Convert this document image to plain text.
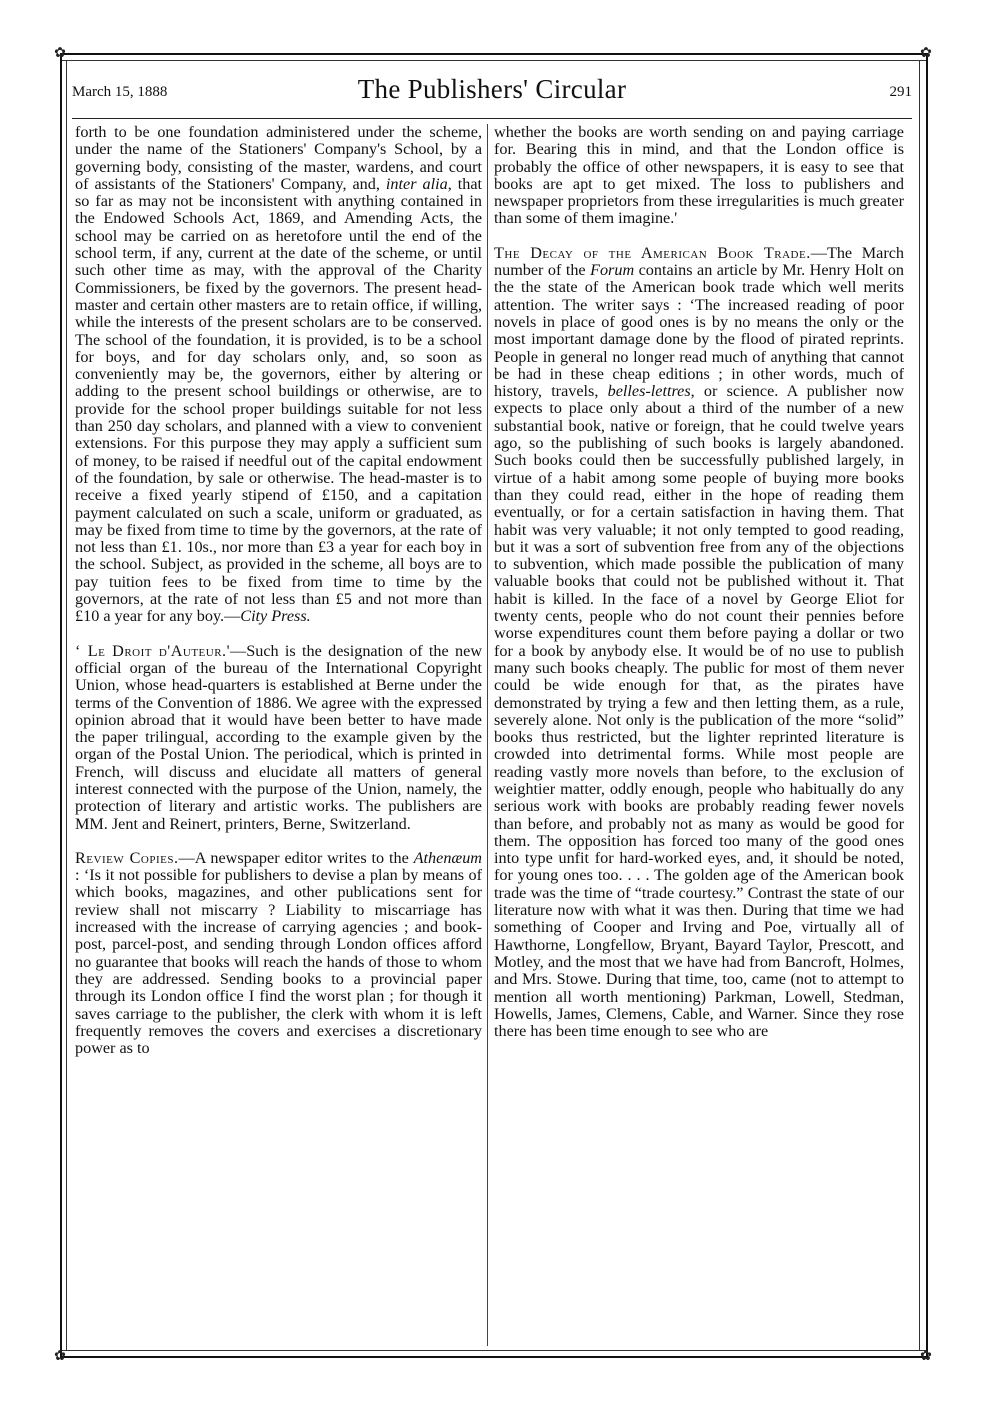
✿	✿
✿	✿
March 15, 1888	The Publishers' Circular	291

forth to be one foundation administered under the scheme, under the name of the Stationers' Company's School, by a governing body, consisting of the master, wardens, and court of assistants of the Stationers' Company, and, inter alia, that so far as may not be inconsistent with anything contained in the Endowed Schools Act, 1869, and Amending Acts, the school may be carried on as heretofore until the end of the school term, if any, current at the date of the scheme, or until such other time as may, with the approval of the Charity Commissioners, be fixed by the governors. The present head-master and certain other masters are to retain office, if willing, while the interests of the present scholars are to be conserved. The school of the foundation, it is provided, is to be a school for boys, and for day scholars only, and, so soon as conveniently may be, the governors, either by altering or adding to the present school buildings or otherwise, are to provide for the school proper buildings suitable for not less than 250 day scholars, and planned with a view to convenient extensions. For this purpose they may apply a sufficient sum of money, to be raised if needful out of the capital endowment of the foundation, by sale or otherwise. The head-master is to receive a fixed yearly stipend of £150, and a capitation payment calculated on such a scale, uniform or graduated, as may be fixed from time to time by the governors, at the rate of not less than £1. 10s., nor more than £3 a year for each boy in the school. Subject, as provided in the scheme, all boys are to pay tuition fees to be fixed from time to time by the governors, at the rate of not less than £5 and not more than £10 a year for any boy.—City Press.

‘ Le Droit d'Auteur.'—Such is the designation of the new official organ of the bureau of the International Copyright Union, whose head-quarters is established at Berne under the terms of the Convention of 1886. We agree with the expressed opinion abroad that it would have been better to have made the paper trilingual, according to the example given by the organ of the Postal Union. The periodical, which is printed in French, will discuss and elucidate all matters of general interest connected with the purpose of the Union, namely, the protection of literary and artistic works. The publishers are MM. Jent and Reinert, printers, Berne, Switzerland.

Review Copies.—A newspaper editor writes to the Athenæum : ‘Is it not possible for publishers to devise a plan by means of which books, magazines, and other publications sent for review shall not miscarry ? Liability to miscarriage has increased with the increase of carrying agencies ; and book-post, parcel-post, and sending through London offices afford no guarantee that books will reach the hands of those to whom they are addressed. Sending books to a provincial paper through its London office I find the worst plan ; for though it saves carriage to the publisher, the clerk with whom it is left frequently removes the covers and exercises a discretionary power as to

whether the books are worth sending on and paying carriage for. Bearing this in mind, and that the London office is probably the office of other newspapers, it is easy to see that books are apt to get mixed. The loss to publishers and newspaper proprietors from these irregularities is much greater than some of them imagine.'

The Decay of the American Book Trade.—The March number of the Forum contains an article by Mr. Henry Holt on the the state of the American book trade which well merits attention. The writer says : ‘The increased reading of poor novels in place of good ones is by no means the only or the most important damage done by the flood of pirated reprints. People in general no longer read much of anything that cannot be had in these cheap editions ; in other words, much of history, travels, belles-lettres, or science. A publisher now expects to place only about a third of the number of a new substantial book, native or foreign, that he could twelve years ago, so the publishing of such books is largely abandoned. Such books could then be successfully published largely, in virtue of a habit among some people of buying more books than they could read, either in the hope of reading them eventually, or for a certain satisfaction in having them. That habit was very valuable; it not only tempted to good reading, but it was a sort of subvention free from any of the objections to subvention, which made possible the publication of many valuable books that could not be published without it. That habit is killed. In the face of a novel by George Eliot for twenty cents, people who do not count their pennies before worse expenditures count them before paying a dollar or two for a book by anybody else. It would be of no use to publish many such books cheaply. The public for most of them never could be wide enough for that, as the pirates have demonstrated by trying a few and then letting them, as a rule, severely alone. Not only is the publication of the more “solid” books thus restricted, but the lighter reprinted literature is crowded into detrimental forms. While most people are reading vastly more novels than before, to the exclusion of weightier matter, oddly enough, people who habitually do any serious work with books are probably reading fewer novels than before, and probably not as many as would be good for them. The opposition has forced too many of the good ones into type unfit for hard-worked eyes, and, it should be noted, for young ones too. . . . The golden age of the American book trade was the time of “trade courtesy.” Contrast the state of our literature now with what it was then. During that time we had something of Cooper and Irving and Poe, virtually all of Hawthorne, Longfellow, Bryant, Bayard Taylor, Prescott, and Motley, and the most that we have had from Bancroft, Holmes, and Mrs. Stowe. During that time, too, came (not to attempt to mention all worth mentioning) Parkman, Lowell, Stedman, Howells, James, Clemens, Cable, and Warner. Since they rose there has been time enough to see who are
